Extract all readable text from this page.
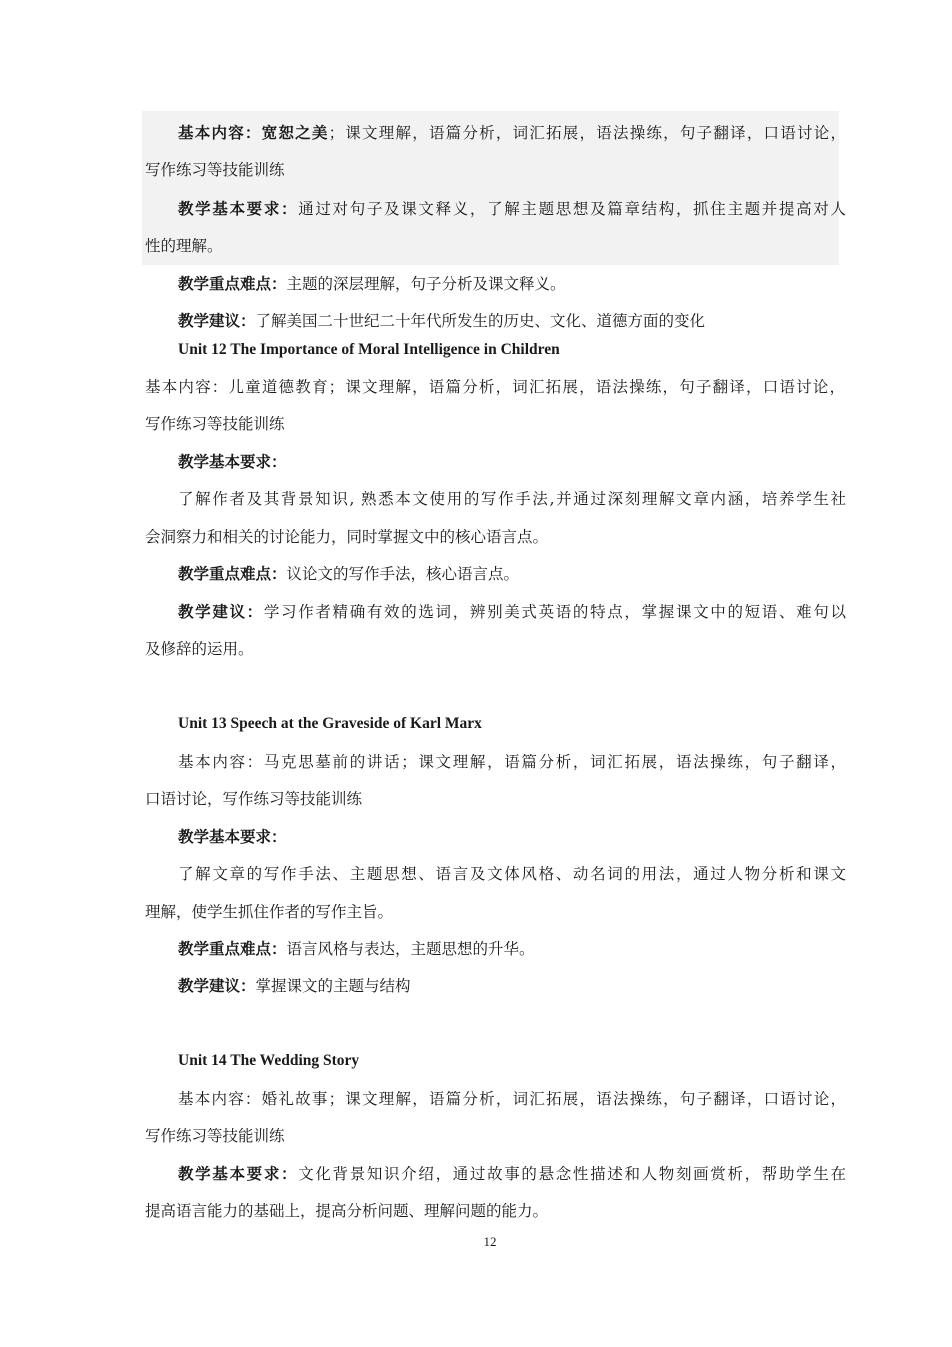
基本内容：宽恕之美；课文理解，语篇分析，词汇拓展，语法操练，句子翻译，口语讨论，
写作练习等技能训练
教学基本要求：通过对句子及课文释义，了解主题思想及篇章结构，抓住主题并提高对人
性的理解。
教学重点难点：主题的深层理解，句子分析及课文释义。
教学建议：了解美国二十世纪二十年代所发生的历史、文化、道德方面的变化
Unit 12 The Importance of Moral Intelligence in Children
基本内容：儿童道德教育；课文理解，语篇分析，词汇拓展，语法操练，句子翻译，口语讨论，
写作练习等技能训练
教学基本要求：
了解作者及其背景知识, 熟悉本文使用的写作手法,并通过深刻理解文章内涵，培养学生社
会洞察力和相关的讨论能力，同时掌握文中的核心语言点。
教学重点难点：议论文的写作手法，核心语言点。
教学建议：学习作者精确有效的选词，辨别美式英语的特点，掌握课文中的短语、难句以
及修辞的运用。
Unit 13 Speech at the Graveside of Karl Marx
基本内容：马克思墓前的讲话；课文理解，语篇分析，词汇拓展，语法操练，句子翻译，
口语讨论，写作练习等技能训练
教学基本要求：
了解文章的写作手法、主题思想、语言及文体风格、动名词的用法，通过人物分析和课文
理解，使学生抓住作者的写作主旨。
教学重点难点：语言风格与表达，主题思想的升华。
教学建议：掌握课文的主题与结构
Unit 14 The Wedding Story
基本内容：婚礼故事；课文理解，语篇分析，词汇拓展，语法操练，句子翻译，口语讨论，
写作练习等技能训练
教学基本要求：文化背景知识介绍，通过故事的悬念性描述和人物刻画赏析，帮助学生在
提高语言能力的基础上，提高分析问题、理解问题的能力。
12
